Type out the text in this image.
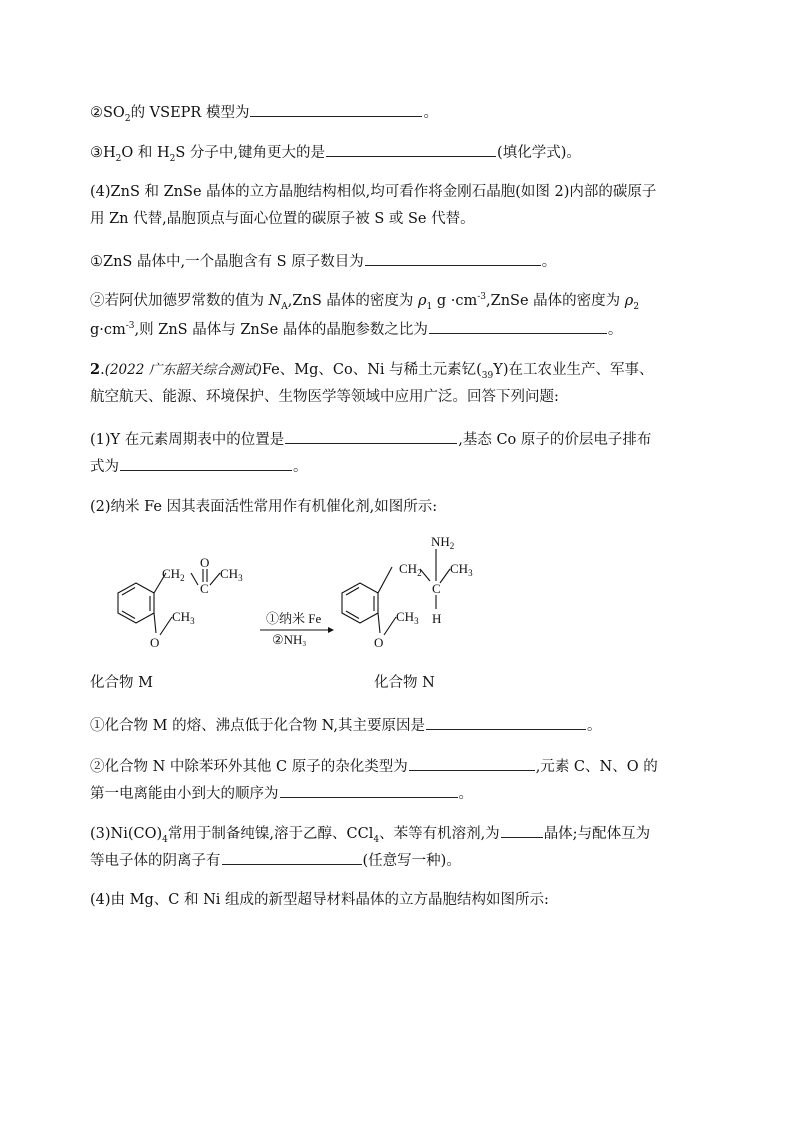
$②SO_2$的 VSEPR 模型为	。
$③H_2O$ 和 $H_2S$ 分子中,键角更大的是	(填化学式)。
(4)ZnS 和 ZnSe 晶体的立方晶胞结构相似,均可看作将金刚石晶胞(如图 2)内部的碳原子
用 Zn 代替,晶胞顶点与面心位置的碳原子被 S 或 Se 代替。
①ZnS 晶体中,一个晶胞含有 S 原子数目为	。
②若阿伏加德罗常数的值为 $N_A,ZnS$ 晶体的密度为 $\rho_1$ $g \cdot cm^{-3},ZnSe$ 晶体的密度为 $\rho_2$
$g\cdot cm^{-3}$,则 ZnS 晶体与 ZnSe 晶体的晶胞参数之比为	。
2.(2022 广东韶关综合测试)Fe、Mg、Co、Ni 与稀土元素钇$(_{39}Y)$在工农业生产、军事、
航空航天、能源、环境保护、生物医学等领域中应用广泛。回答下列问题:
(1)Y 在元素周期表中的位置是	,基态 Co 原子的价层电子排布
式为	。
(2)纳米 Fe 因其表面活性常用作有机催化剂,如图所示:
$CH_2$
O
C
$CH_3$
$CH_3$
O
①纳米 Fe
②NH3
$NH_2$
$CH_2$ $CH_3$
C
H
$CH_3$
O
化合物 M	化合物 N
①化合物 M 的熔、沸点低于化合物 N,其主要原因是	。
②化合物 N 中除苯环外其他 C 原子的杂化类型为	,元素 C、N、O 的
第一电离能由小到大的顺序为	。
$(3)Ni(CO)_4$常用于制备纯镍,溶于乙醇、CCl$_4$、苯等有机溶剂,为	晶体;与配体互为
等电子体的阴离子有	(任意写一种)。
(4)由 Mg、C 和 Ni 组成的新型超导材料晶体的立方晶胞结构如图所示:
